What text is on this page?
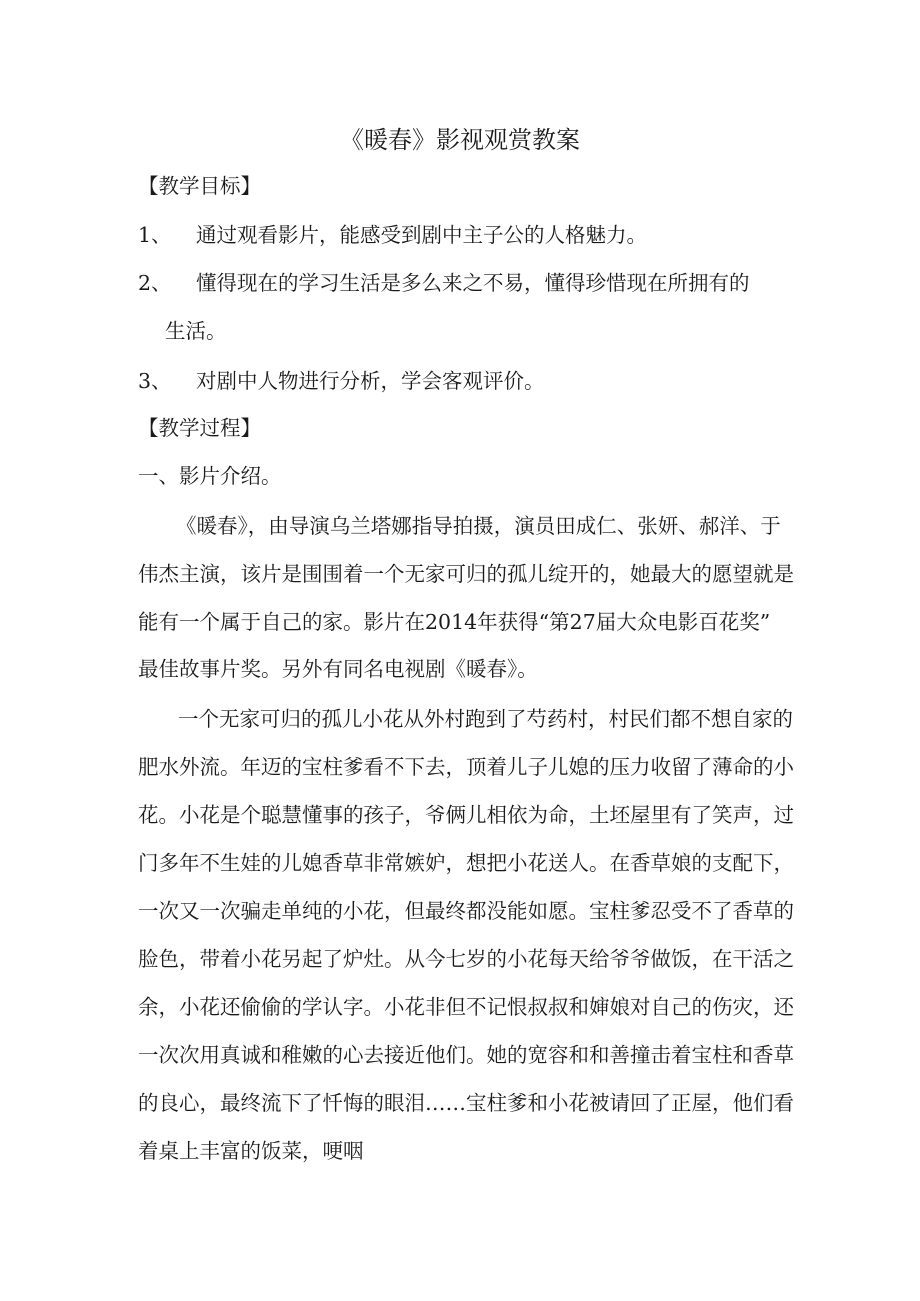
《暖春》影视观赏教案
【教学目标】
1、 通过观看影片，能感受到剧中主子公的人格魅力。
2、 懂得现在的学习生活是多么来之不易，懂得珍惜现在所拥有的
生活。
3、 对剧中人物进行分析，学会客观评价。
【教学过程】
一、影片介绍。
《暖春》，由导演乌兰塔娜指导拍摄，演员田成仁、张妍、郝洋、于
伟杰主演，该片是围围着一个无家可归的孤儿绽开的，她最大的愿望就是
能有一个属于自己的家。影片在2014年获得“第27届大众电影百花奖”
最佳故事片奖。另外有同名电视剧《暖春》。
一个无家可归的孤儿小花从外村跑到了芍药村，村民们都不想自家的
肥水外流。年迈的宝柱爹看不下去，顶着儿子儿媳的压力收留了薄命的小
花。小花是个聪慧懂事的孩子，爷俩儿相依为命，土坯屋里有了笑声，过
门多年不生娃的儿媳香草非常嫉妒，想把小花送人。在香草娘的支配下，
一次又一次骗走单纯的小花，但最终都没能如愿。宝柱爹忍受不了香草的
脸色，带着小花另起了炉灶。从今七岁的小花每天给爷爷做饭，在干活之
余，小花还偷偷的学认字。小花非但不记恨叔叔和婶娘对自己的伤灾，还
一次次用真诚和稚嫩的心去接近他们。她的宽容和和善撞击着宝柱和香草
的良心，最终流下了忏悔的眼泪……宝柱爹和小花被请回了正屋，他们看
着桌上丰富的饭菜，哽咽
